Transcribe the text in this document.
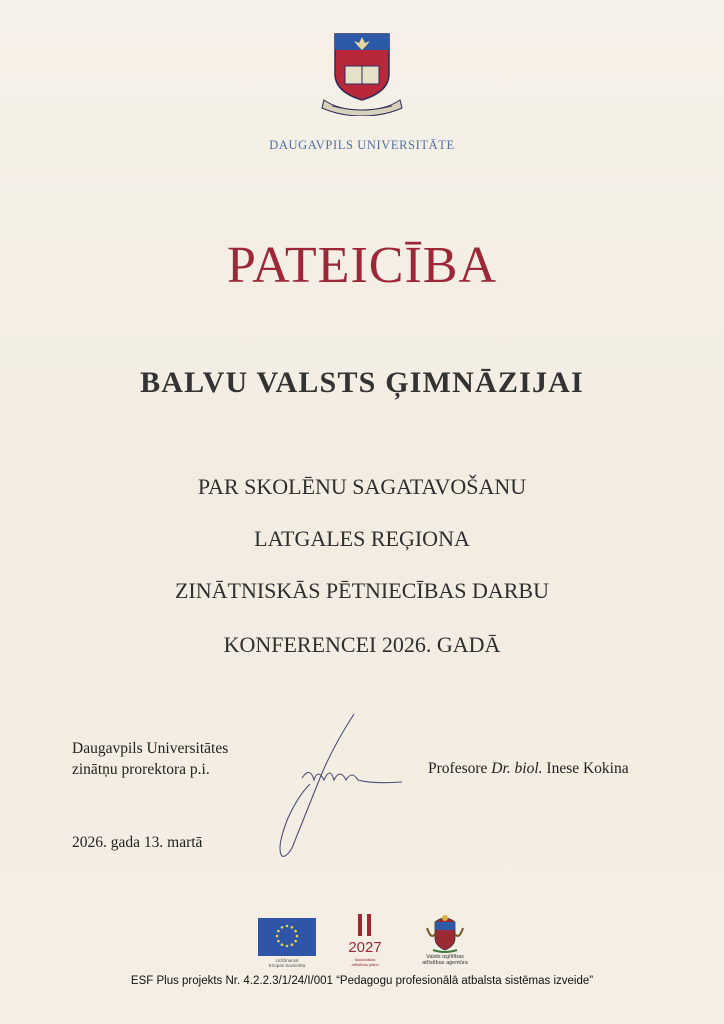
DAUGAVPILS UNIVERSITĀTE
PATEICĪBA
BALVU VALSTS ĢIMNĀZIJAI
PAR SKOLĒNU SAGATAVOŠANU
LATGALES REĢIONA
ZINĀTNISKĀS PĒTNIECĪBAS DARBU
KONFERENCEI 2026. GADĀ
Daugavpils Universitātes
zinātņu prorektora p.i.	Profesore Dr. biol. Inese Kokina
2026. gada 13. martā
Līdzfinansē
Eiropas Savienība
2027
Nacionālais
attīstības plāns
Valsts izglītības
attīstības aģentūra
ESF Plus projekts Nr. 4.2.2.3/1/24/I/001 “Pedagogu profesionālā atbalsta sistēmas izveide”
